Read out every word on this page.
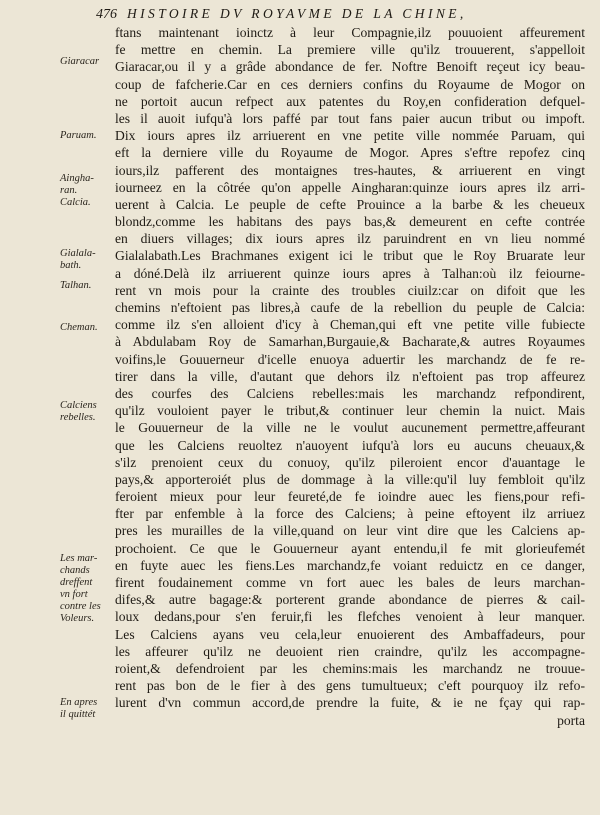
476 HISTOIRE DV ROYAVME DE LA CHINE,
ftans maintenant ioinctz à leur Compagnie,ilz pouuoient affeurement
fe mettre en chemin. La premiere ville qu'ilz trouuerent, s'appelloit
Giaracar,ou il y a grâde abondance de fer. Noftre Benoift reçeut icy beau-
coup de fafcherie.Car en ces derniers confins du Royaume de Mogor on
ne portoit aucun refpect aux patentes du Roy,en confideration defquel-
les il auoit iufqu'à lors paffé par tout fans paier aucun tribut ou impoft.
Dix iours apres ilz arriuerent en vne petite ville nommée Paruam, qui
eft la derniere ville du Royaume de Mogor. Apres s'eftre repofez cinq
iours,ilz pafferent des montaignes tres-hautes, & arriuerent en vingt
iourneez en la côtrée qu'on appelle Aingharan:quinze iours apres ilz arri-
uerent à Calcia. Le peuple de cefte Prouince a la barbe & les cheueux
blondz,comme les habitans des pays bas,& demeurent en cefte contrée
en diuers villages; dix iours apres ilz paruindrent en vn lieu nommé
Gialalabath.Les Brachmanes exigent ici le tribut que le Roy Bruarate leur
a dóné.Delà ilz arriuerent quinze iours apres à Talhan:où ilz feiourne-
rent vn mois pour la crainte des troubles ciuilz:car on difoit que les
chemins n'eftoient pas libres,à caufe de la rebellion du peuple de Calcia:
comme ilz s'en alloient d'icy à Cheman,qui eft vne petite ville fubiecte
à Abdulabam Roy de Samarhan,Burgauie,& Bacharate,& autres Royaumes
voifins,le Gouuerneur d'icelle enuoya aduertir les marchandz de fe re-
tirer dans la ville, d'autant que dehors ilz n'eftoient pas trop affeurez
des courfes des Calciens rebelles:mais les marchandz refpondirent,
qu'ilz vouloient payer le tribut,& continuer leur chemin la nuict. Mais
le Gouuerneur de la ville ne le voulut aucunement permettre,affeurant
que les Calciens reuoltez n'auoyent iufqu'à lors eu aucuns cheuaux,&
s'ilz prenoient ceux du conuoy, qu'ilz pileroient encor d'auantage le
pays,& apporteroiét plus de dommage à la ville:qu'il luy fembloit qu'ilz
feroient mieux pour leur feureté,de fe ioindre auec les fiens,pour refi-
fter par enfemble à la force des Calciens; à peine eftoyent ilz arriuez
pres les murailles de la ville,quand on leur vint dire que les Calciens ap-
prochoient. Ce que le Gouuerneur ayant entendu,il fe mit glorieufemét
en fuyte auec les fiens.Les marchandz,fe voiant reduictz en ce danger,
firent foudainement comme vn fort auec les bales de leurs marchan-
difes,& autre bagage:& porterent grande abondance de pierres & cail-
loux dedans,pour s'en feruir,fi les flefches venoient à leur manquer.
Les Calciens ayans veu cela,leur enuoierent des Ambaffadeurs, pour
les affeurer qu'ilz ne deuoient rien craindre, qu'ilz les accompagne-
roient,& defendroient par les chemins:mais les marchandz ne trouue-
rent pas bon de le fier à des gens tumultueux; c'eft pourquoy ilz refo-
lurent d'vn commun accord,de prendre la fuite, & ie ne fçay qui rap-
porta
Giaracar
Paruam.
Aingha-
ran.
Calcia.
Gialala-
bath.
Talhan.
Cheman.
Calciens
rebelles.
Les mar-
chands
dreffent
vn fort
contre les
Voleurs.
En apres
il quittét
